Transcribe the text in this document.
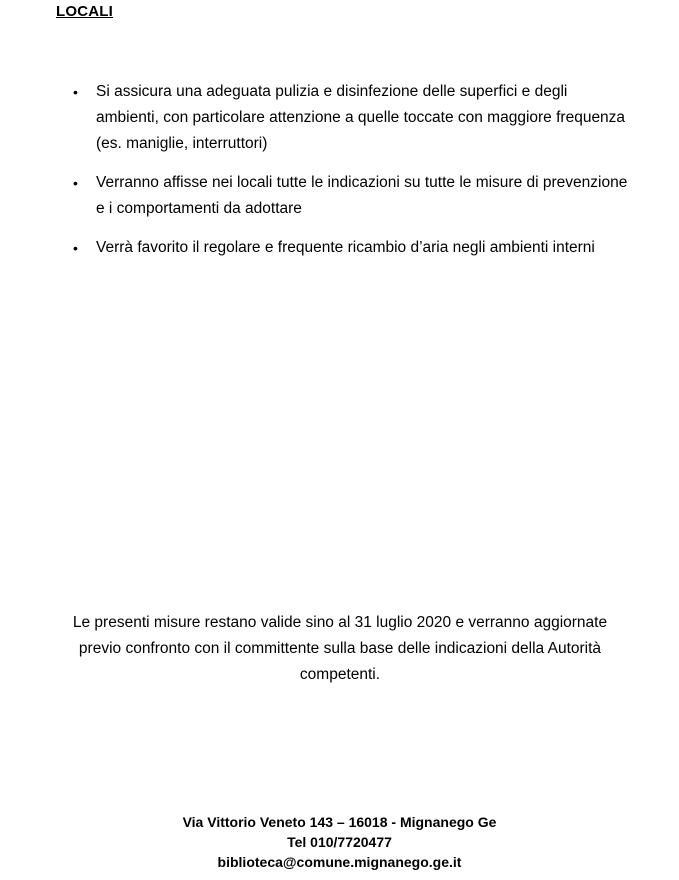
LOCALI
• Si assicura una adeguata pulizia e disinfezione delle superfici e degli ambienti, con particolare attenzione a quelle toccate con maggiore frequenza (es. maniglie, interruttori)
• Verranno affisse nei locali tutte le indicazioni su tutte le misure di prevenzione e i comportamenti da adottare
• Verrà favorito il regolare e frequente ricambio d’aria negli ambienti interni
Le presenti misure restano valide sino al 31 luglio 2020 e verranno aggiornate previo confronto con il committente sulla base delle indicazioni della Autorità competenti.
Via Vittorio Veneto 143 – 16018 - Mignanego Ge
Tel 010/7720477
biblioteca@comune.mignanego.ge.it
